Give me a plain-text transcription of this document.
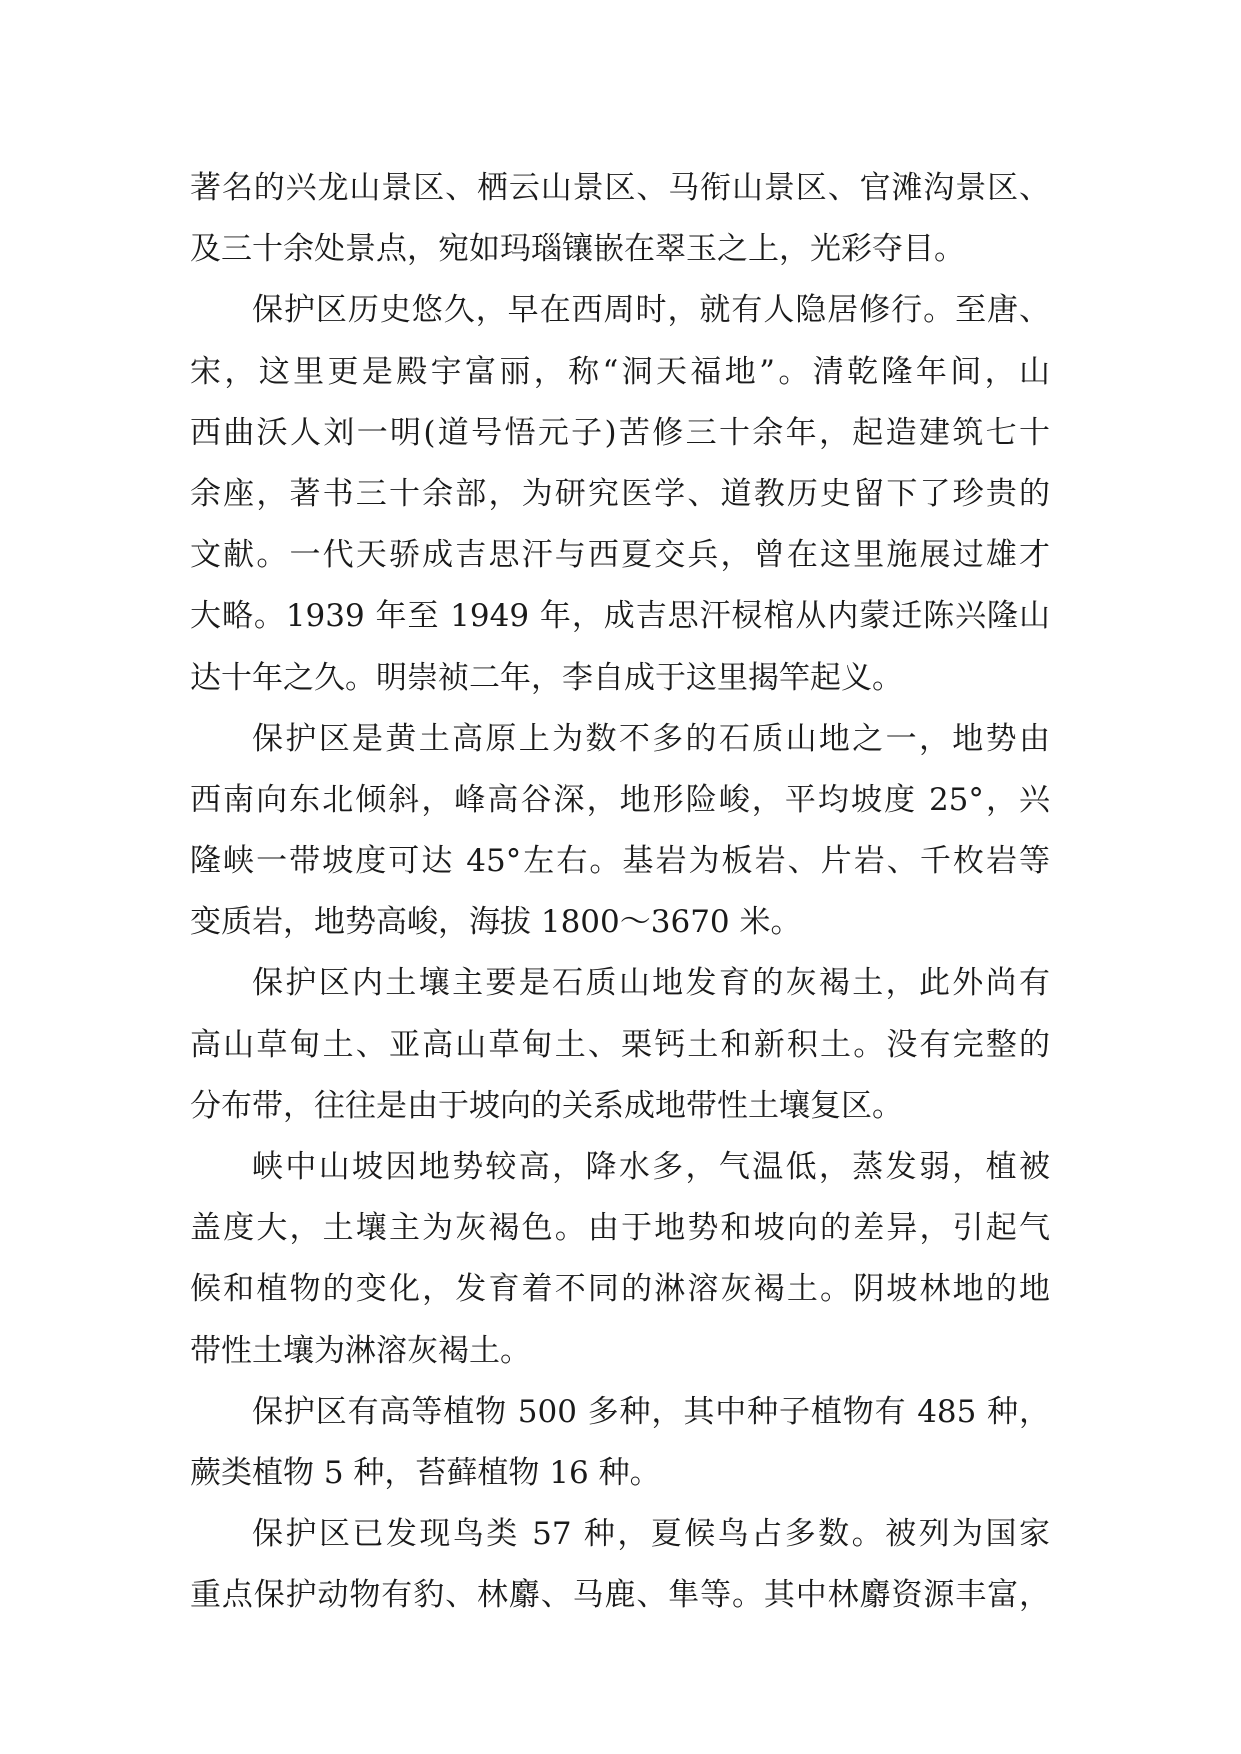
著名的兴龙山景区、栖云山景区、马衔山景区、官滩沟景区、
及三十余处景点，宛如玛瑙镶嵌在翠玉之上，光彩夺目。
保护区历史悠久，早在西周时，就有人隐居修行。至唐、
宋，这里更是殿宇富丽，称“洞天福地”。清乾隆年间，山
西曲沃人刘一明(道号悟元子)苦修三十余年，起造建筑七十
余座，著书三十余部，为研究医学、道教历史留下了珍贵的
文献。一代天骄成吉思汗与西夏交兵，曾在这里施展过雄才
大略。1939 年至 1949 年，成吉思汗棂棺从内蒙迁陈兴隆山
达十年之久。明崇祯二年，李自成于这里揭竿起义。
保护区是黄土高原上为数不多的石质山地之一，地势由
西南向东北倾斜，峰高谷深，地形险峻，平均坡度 25°，兴
隆峡一带坡度可达 45°左右。基岩为板岩、片岩、千枚岩等
变质岩，地势高峻，海拔 1800～3670 米。
保护区内土壤主要是石质山地发育的灰褐土，此外尚有
高山草甸土、亚高山草甸土、栗钙土和新积土。没有完整的
分布带，往往是由于坡向的关系成地带性土壤复区。
峡中山坡因地势较高，降水多，气温低，蒸发弱，植被
盖度大，土壤主为灰褐色。由于地势和坡向的差异，引起气
候和植物的变化，发育着不同的淋溶灰褐土。阴坡林地的地
带性土壤为淋溶灰褐土。
保护区有高等植物 500 多种，其中种子植物有 485 种，
蕨类植物 5 种，苔藓植物 16 种。
保护区已发现鸟类 57 种，夏候鸟占多数。被列为国家
重点保护动物有豹、林麝、马鹿、隼等。其中林麝资源丰富，
